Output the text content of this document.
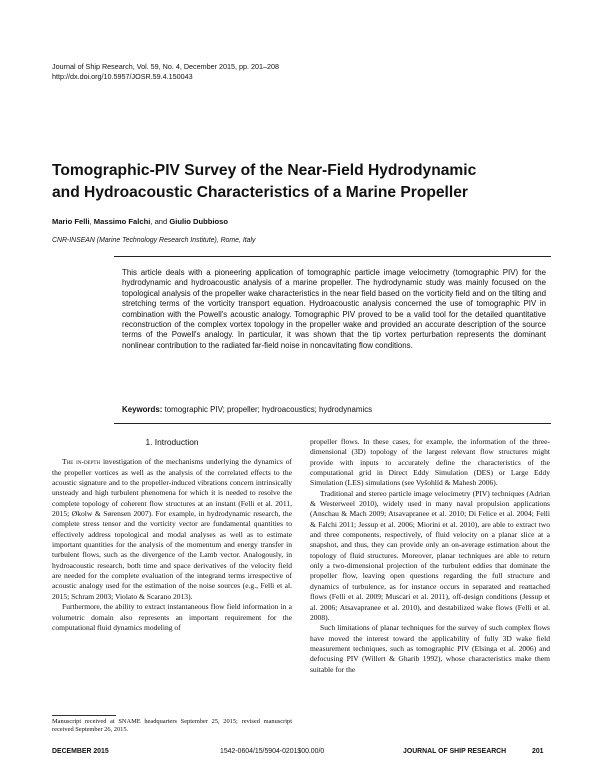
Journal of Ship Research, Vol. 59, No. 4, December 2015, pp. 201–208
http://dx.doi.org/10.5957/JOSR.59.4.150043
Tomographic-PIV Survey of the Near-Field Hydrodynamic
and Hydroacoustic Characteristics of a Marine Propeller
Mario Felli, Massimo Falchi, and Giulio Dubbioso
CNR-INSEAN (Marine Technology Research Institute), Rome, Italy
This article deals with a pioneering application of tomographic particle image velocimetry (tomographic PIV) for the hydrodynamic and hydroacoustic analysis of a marine propeller. The hydrodynamic study was mainly focused on the topological analysis of the propeller wake characteristics in the near field based on the vorticity field and on the tilting and stretching terms of the vorticity transport equation. Hydroacoustic analysis concerned the use of tomographic PIV in combination with the Powell's acoustic analogy. Tomographic PIV proved to be a valid tool for the detailed quantitative reconstruction of the complex vortex topology in the propeller wake and provided an accurate description of the source terms of the Powell's analogy. In particular, it was shown that the tip vortex perturbation represents the dominant nonlinear contribution to the radiated far-field noise in noncavitating flow conditions.
Keywords: tomographic PIV; propeller; hydroacoustics; hydrodynamics
1. Introduction

The in-depth investigation of the mechanisms underlying the dynamics of the propeller vortices as well as the analysis of the correlated effects to the acoustic signature and to the propeller-induced vibrations concern intrinsically unsteady and high turbulent phenomena for which it is needed to resolve the complete topology of coherent flow structures at an instant (Felli et al. 2011, 2015; Økolw & Sørensen 2007). For example, in hydrodynamic research, the complete stress tensor and the vorticity vector are fundamental quantities to effectively address topological and modal analyses as well as to estimate important quantities for the analysis of the momentum and energy transfer in turbulent flows, such as the divergence of the Lamb vector. Analogously, in hydroacoustic research, both time and space derivatives of the velocity field are needed for the complete evaluation of the integrand terms irrespective of acoustic analogy used for the estimation of the noise sources (e.g., Felli et al. 2015; Schram 2003; Violato & Scarano 2013).

Furthermore, the ability to extract instantaneous flow field information in a volumetric domain also represents an important requirement for the computational fluid dynamics modeling of

Manuscript received at SNAME headquarters September 25, 2015; revised manuscript received September 26, 2015.

propeller flows. In these cases, for example, the information of the three-dimensional (3D) topology of the largest relevant flow structures might provide with inputs to accurately define the characteristics of the computational grid in Direct Eddy Simulation (DES) or Large Eddy Simulation (LES) simulations (see Vyšohlíd & Mahesh 2006).

Traditional and stereo particle image velocimetry (PIV) techniques (Adrian & Westerweel 2010), widely used in many naval propulsion applications (Anschau & Mach 2009; Atsavapranee et al. 2010; Di Felice et al. 2004; Felli & Falchi 2011; Jessup et al. 2006; Miorini et al. 2010), are able to extract two and three components, respectively, of fluid velocity on a planar slice at a snapshot, and thus, they can provide only an on-average estimation about the topology of fluid structures. Moreover, planar techniques are able to return only a two-dimensional projection of the turbulent eddies that dominate the propeller flow, leaving open questions regarding the full structure and dynamics of turbulence, as for instance occurs in separated and reattached flows (Felli et al. 2009; Muscari et al. 2011), off-design conditions (Jessup et al. 2006; Atsavapranee et al. 2010), and destabilized wake flows (Felli et al. 2008).

Such limitations of planar techniques for the survey of such complex flows have moved the interest toward the applicability of fully 3D wake field measurement techniques, such as tomographic PIV (Elsinga et al. 2006) and defocusing PIV (Willert & Gharib 1992), whose characteristics make them suitable for the

DECEMBER 2015	1542-0604/15/5904-0201$00.00/0	JOURNAL OF SHIP RESEARCH	201
